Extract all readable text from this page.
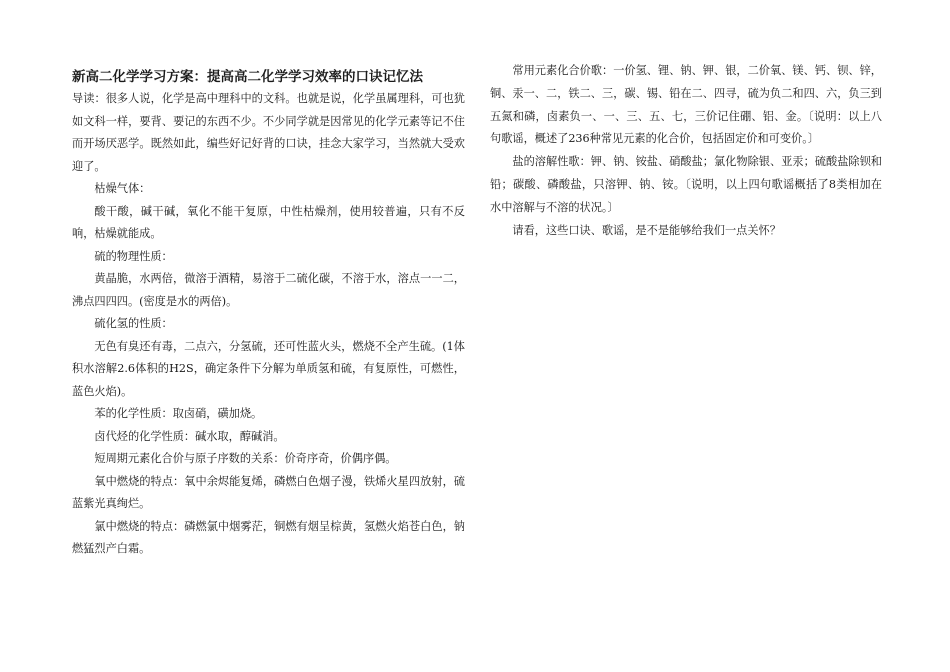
新高二化学学习方案：提高高二化学学习效率的口诀记忆法

导读：很多人说，化学是高中理科中的文科。也就是说，化学虽属理科，可也犹如文科一样，要背、要记的东西不少。不少同学就是因常见的化学元素等记不住而开场厌恶学。既然如此，编些好记好背的口诀，挂念大家学习，当然就大受欢迎了。

枯燥气体：

酸干酸，碱干碱，氧化不能干复原，中性枯燥剂，使用较普遍，只有不反响，枯燥就能成。

硫的物理性质：

黄晶脆，水两倍，微溶于酒精，易溶于二硫化碳，不溶于水，溶点一一二，沸点四四四。(密度是水的两倍)。

硫化氢的性质：

无色有臭还有毒，二点六，分氢硫，还可性蓝火头，燃烧不全产生硫。(1体积水溶解2.6体积的H2S，确定条件下分解为单质氢和硫，有复原性，可燃性，蓝色火焰)。

苯的化学性质：取卤硝，磺加烧。

卤代烃的化学性质：碱水取，醇碱消。

短周期元素化合价与原子序数的关系：价奇序奇，价偶序偶。

氧中燃烧的特点：氧中余烬能复烯，磷燃白色烟子漫，铁烯火星四放射，硫蓝紫光真绚烂。

氯中燃烧的特点：磷燃氯中烟雾茫，铜燃有烟呈棕黄，氢燃火焰苍白色，钠燃猛烈产白霜。

常用元素化合价歌：一价氢、锂、钠、钾、银，二价氧、镁、钙、钡、锌，铜、汞一、二，铁二、三，碳、锡、铅在二、四寻，硫为负二和四、六，负三到五氮和磷，卤素负一、一、三、五、七，三价记住硼、铝、金。〔说明：以上八句歌谣，概述了236种常见元素的化合价，包括固定价和可变价。〕

盐的溶解性歌：钾、钠、铵盐、硝酸盐；氯化物除银、亚汞；硫酸盐除钡和铅；碳酸、磷酸盐，只溶钾、钠、铵。〔说明，以上四句歌谣概括了8类相加在水中溶解与不溶的状况。〕

请看，这些口诀、歌谣，是不是能够给我们一点关怀？
